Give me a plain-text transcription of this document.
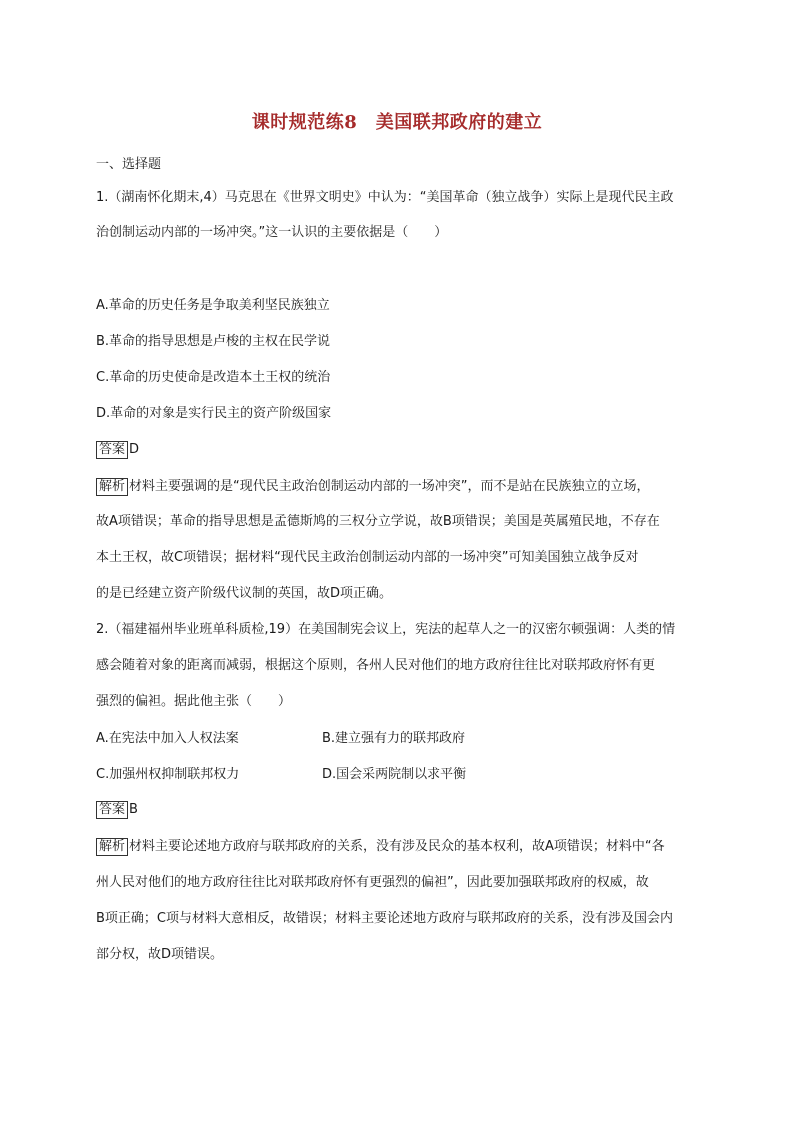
课时规范练8　美国联邦政府的建立
一、选择题
1.（湖南怀化期末,4）马克思在《世界文明史》中认为：“美国革命（独立战争）实际上是现代民主政
治创制运动内部的一场冲突。”这一认识的主要依据是（　　）
A.革命的历史任务是争取美利坚民族独立
B.革命的指导思想是卢梭的主权在民学说
C.革命的历史使命是改造本土王权的统治
D.革命的对象是实行民主的资产阶级国家
答案 D
解析 材料主要强调的是“现代民主政治创制运动内部的一场冲突”，而不是站在民族独立的立场，
故A项错误；革命的指导思想是孟德斯鸠的三权分立学说，故B项错误；美国是英属殖民地，不存在
本土王权，故C项错误；据材料“现代民主政治创制运动内部的一场冲突”可知美国独立战争反对
的是已经建立资产阶级代议制的英国，故D项正确。
2.（福建福州毕业班单科质检,19）在美国制宪会议上，宪法的起草人之一的汉密尔顿强调：人类的情
感会随着对象的距离而减弱，根据这个原则，各州人民对他们的地方政府往往比对联邦政府怀有更
强烈的偏袒。据此他主张（　　）
A.在宪法中加入人权法案	B.建立强有力的联邦政府
C.加强州权抑制联邦权力	D.国会采两院制以求平衡
答案 B
解析 材料主要论述地方政府与联邦政府的关系，没有涉及民众的基本权利，故A项错误；材料中“各
州人民对他们的地方政府往往比对联邦政府怀有更强烈的偏袒”，因此要加强联邦政府的权威，故
B项正确；C项与材料大意相反，故错误；材料主要论述地方政府与联邦政府的关系，没有涉及国会内
部分权，故D项错误。
